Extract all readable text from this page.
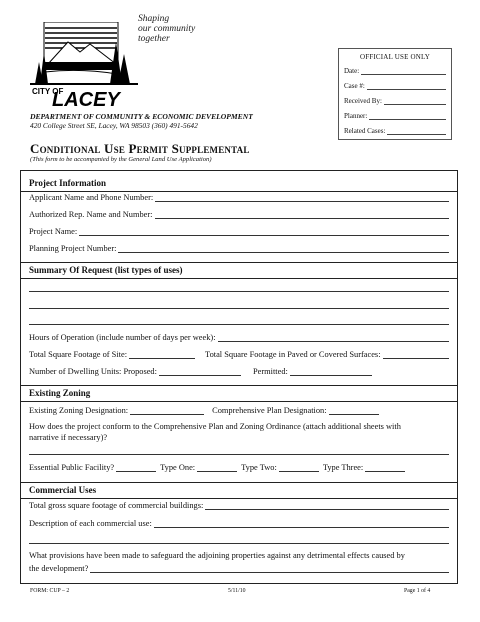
CITY OF
LACEY
Shaping
our community
together
OFFICIAL USE ONLY
Date:
Case #:
Received By:
Planner:
Related Cases:
DEPARTMENT OF COMMUNITY & ECONOMIC DEVELOPMENT
420 College Street SE, Lacey, WA 98503 (360) 491-5642
Conditional Use Permit Supplemental
(This form to be accompanied by the General Land Use Application)
Project Information
Applicant Name and Phone Number:
Authorized Rep. Name and Number:
Project Name:
Planning Project Number:
Summary Of Request (list types of uses)
Hours of Operation (include number of days per week):
Total Square Footage of Site:	Total Square Footage in Paved or Covered Surfaces:
Number of Dwelling Units: Proposed:	Permitted:
Existing Zoning
Existing Zoning Designation:	Comprehensive Plan Designation:
How does the project conform to the Comprehensive Plan and Zoning Ordinance (attach additional sheets with
narrative if necessary)?
Essential Public Facility?	Type One:	Type Two:	Type Three:
Commercial Uses
Total gross square footage of commercial buildings:
Description of each commercial use:
What provisions have been made to safeguard the adjoining properties against any detrimental effects caused by
the development?
FORM: CUP – 2	5/11/10	Page 1 of 4
